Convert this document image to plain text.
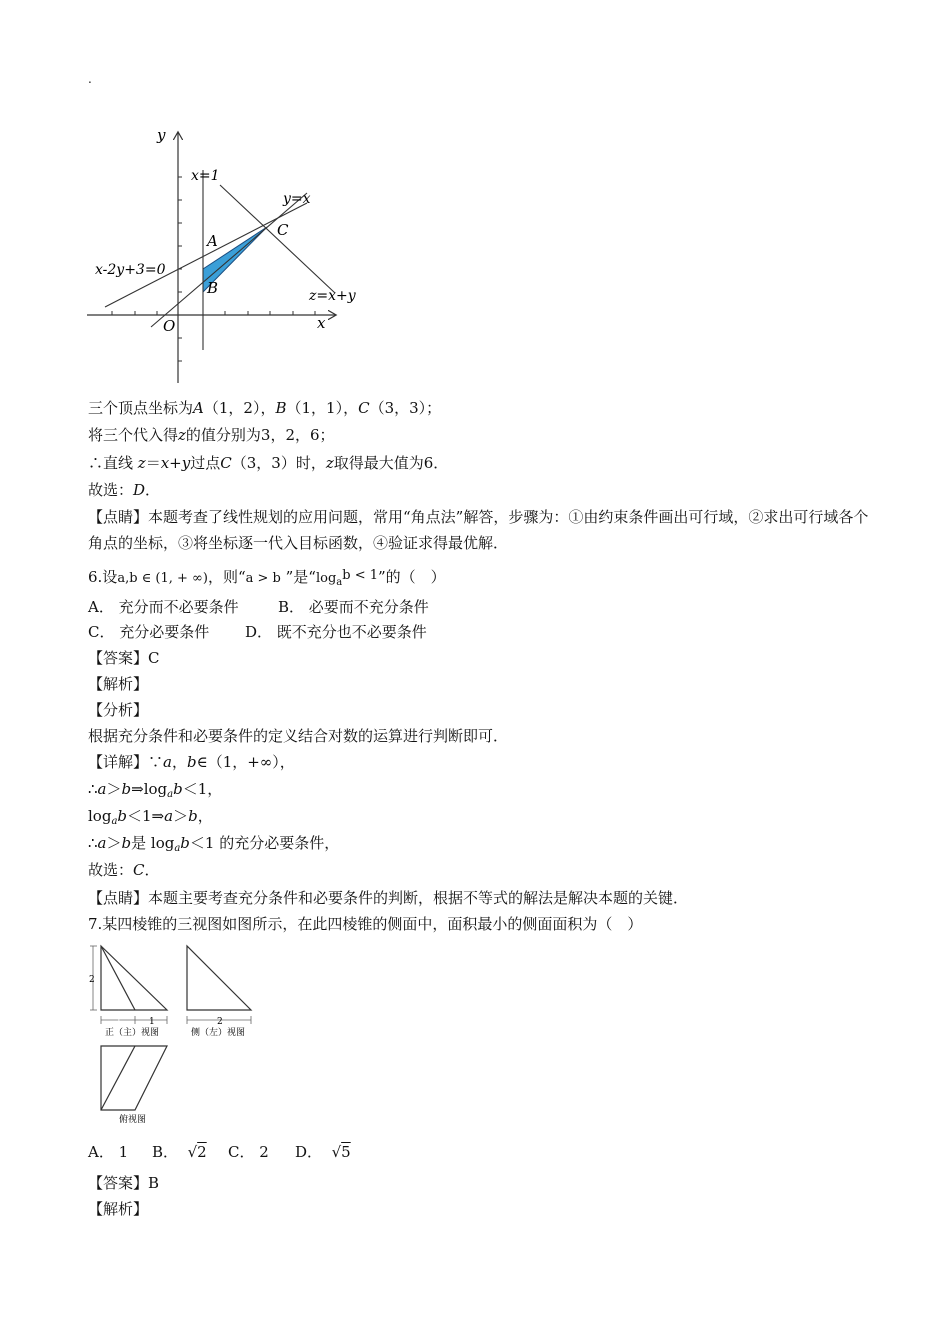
.
y
x
O
x=1
y=x
x-2y+3=0
z=x+y
A
B
C
三个顶点坐标为A（1，2），B（1，1），C（3，3）；
将三个代入得z的值分别为3，2，6；
∴直线 z＝x+y过点C（3，3）时，z取得最大值为6．
故选：D．
【点睛】本题考查了线性规划的应用问题，常用“角点法”解答，步骤为：①由约束条件画出可行域，②求出可行域各个角点的坐标，③将坐标逐一代入目标函数，④验证求得最优解．
6.设a,b ∈ (1, + ∞)，则“a > b ”是“$\log_ab < 1$”的（　）
A． 充分而不必要条件	B． 必要而不充分条件
C． 充分必要条件 D． 既不充分也不必要条件
【答案】C
【解析】
【分析】
根据充分条件和必要条件的定义结合对数的运算进行判断即可．
【详解】∵a，b∈（1，+∞），
$\therefore a>b\Rightarrow\log_ab<1$，
$\log_ab<1\Rightarrow a>b$，
∴a＞b是 $\log_ab<1$ 的充分必要条件，
故选：C．
【点睛】本题主要考查充分条件和必要条件的判断，根据不等式的解法是解决本题的关键．
7.某四棱锥的三视图如图所示，在此四棱锥的侧面中，面积最小的侧面面积为（　）
2
1	1
正（主）视图
2
侧（左）视图
俯视图
A． 1 B． √2 C． 2 D． √5
【答案】B
【解析】
